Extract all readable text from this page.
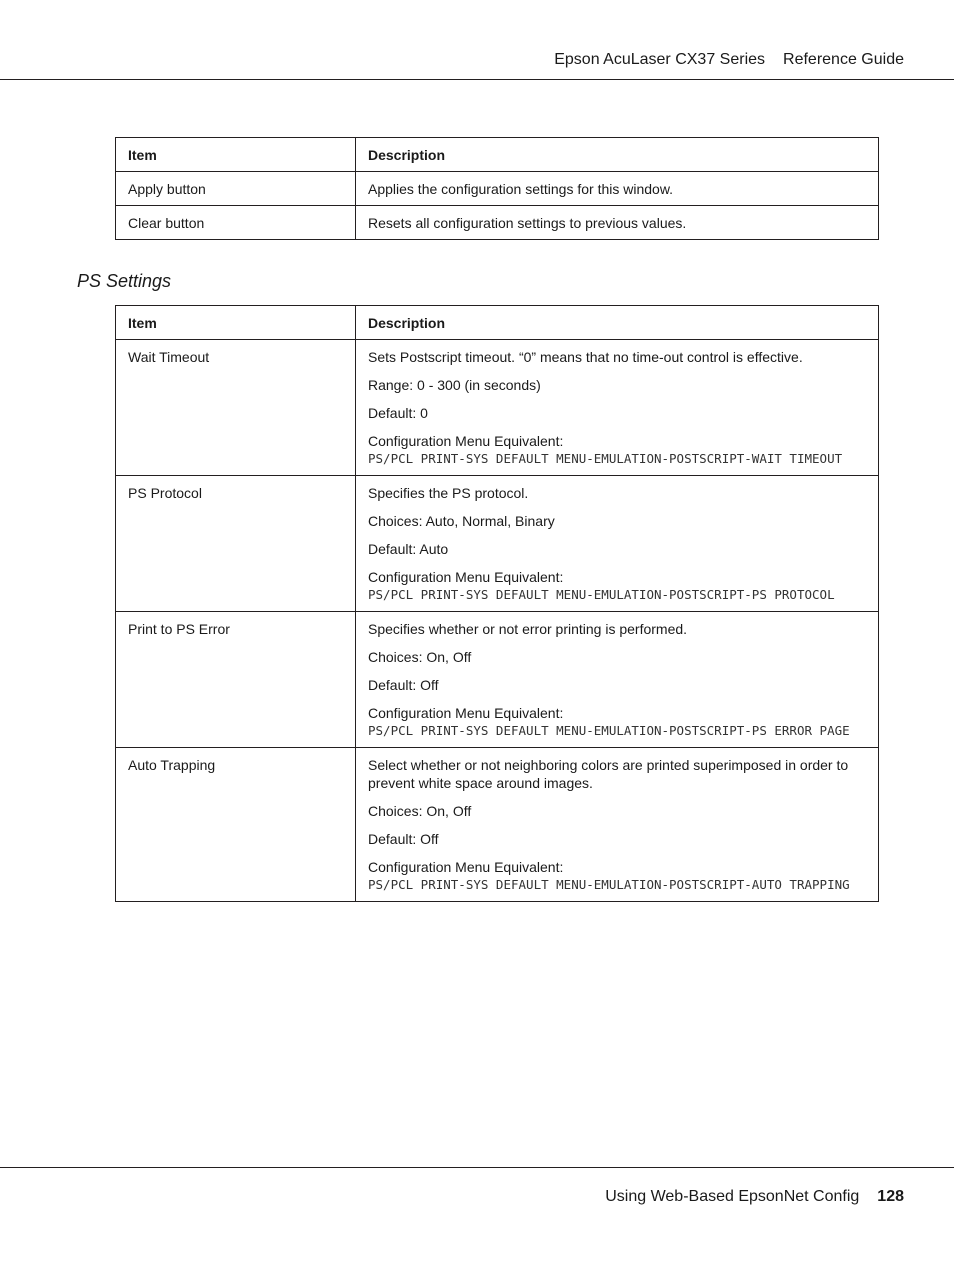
Epson AcuLaser CX37 Series Reference Guide
Item	Description
Apply button	Applies the configuration settings for this window.
Clear button	Resets all configuration settings to previous values.
PS Settings
Item	Description
Wait Timeout	Sets Postscript timeout. “0” means that no time-out control is effective.

Range: 0 - 300 (in seconds)

Default: 0

Configuration Menu Equivalent:
PS/PCL PRINT-SYS DEFAULT MENU-EMULATION-POSTSCRIPT-WAIT TIMEOUT

PS Protocol	Specifies the PS protocol.

Choices: Auto, Normal, Binary

Default: Auto

Configuration Menu Equivalent:
PS/PCL PRINT-SYS DEFAULT MENU-EMULATION-POSTSCRIPT-PS PROTOCOL

Print to PS Error	Specifies whether or not error printing is performed.

Choices: On, Off

Default: Off

Configuration Menu Equivalent:
PS/PCL PRINT-SYS DEFAULT MENU-EMULATION-POSTSCRIPT-PS ERROR PAGE

Auto Trapping	Select whether or not neighboring colors are printed superimposed in order to prevent white space around images.

Choices: On, Off

Default: Off

Configuration Menu Equivalent:
PS/PCL PRINT-SYS DEFAULT MENU-EMULATION-POSTSCRIPT-AUTO TRAPPING

Using Web-Based EpsonNet Config 128
